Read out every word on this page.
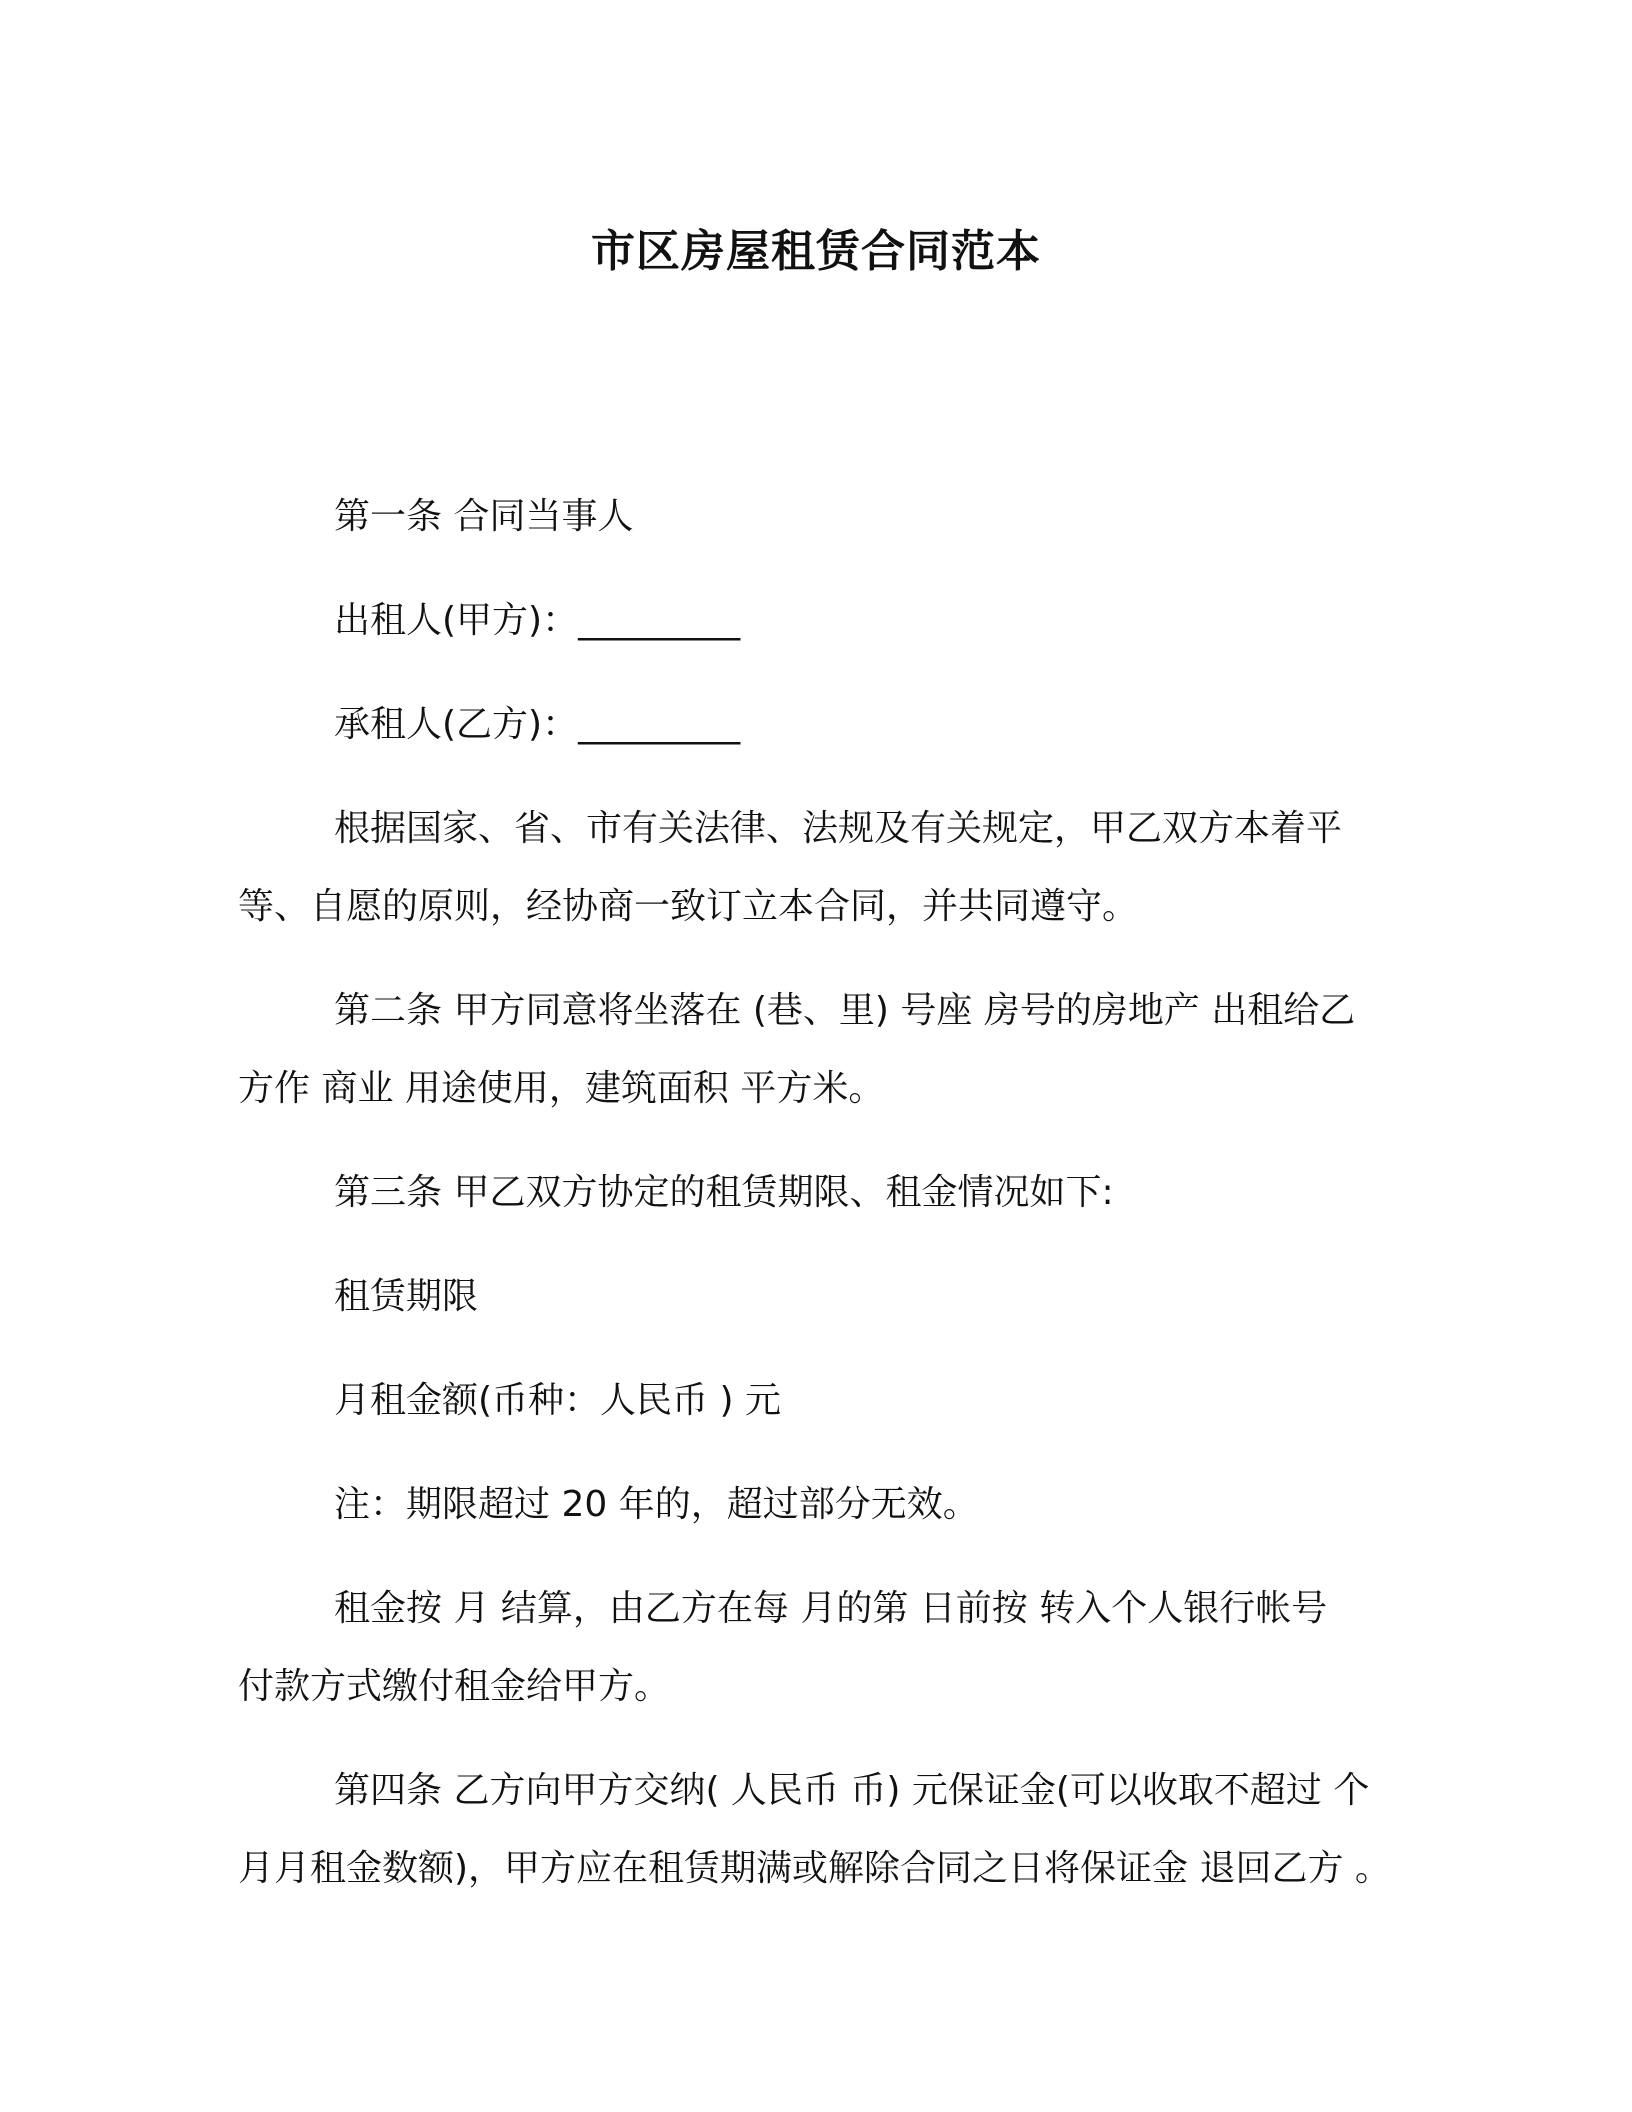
市区房屋租赁合同范本
第一条 合同当事人
出租人(甲方)：_________
承租人(乙方)：_________
根据国家、省、市有关法律、法规及有关规定，甲乙双方本着平
等、自愿的原则，经协商一致订立本合同，并共同遵守。
第二条 甲方同意将坐落在 (巷、里) 号座 房号的房地产 出租给乙
方作 商业 用途使用，建筑面积 平方米。
第三条 甲乙双方协定的租赁期限、租金情况如下:
租赁期限
月租金额(币种：人民币 ) 元
注：期限超过 20 年的，超过部分无效。
租金按 月 结算，由乙方在每 月的第 日前按 转入个人银行帐号
付款方式缴付租金给甲方。
第四条 乙方向甲方交纳( 人民币 币) 元保证金(可以收取不超过 个
月月租金数额)，甲方应在租赁期满或解除合同之日将保证金 退回乙方 。
